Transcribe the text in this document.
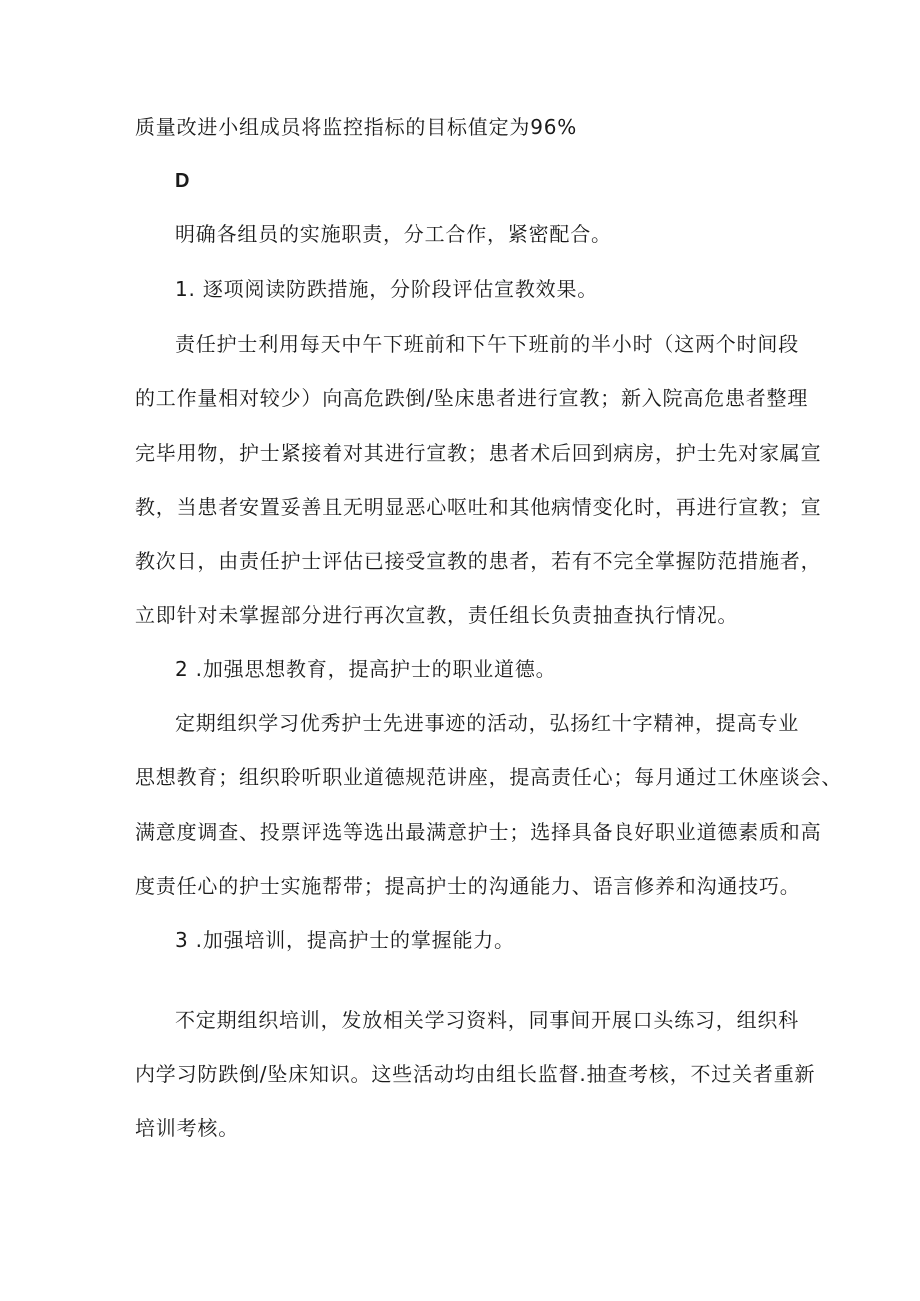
质量改进小组成员将监控指标的目标值定为96%
D
明确各组员的实施职责，分工合作，紧密配合。
1. 逐项阅读防跌措施，分阶段评估宣教效果。
责任护士利用每天中午下班前和下午下班前的半小时（这两个时间段
的工作量相对较少）向高危跌倒/坠床患者进行宣教；新入院高危患者整理
完毕用物，护士紧接着对其进行宣教；患者术后回到病房，护士先对家属宣
教，当患者安置妥善且无明显恶心呕吐和其他病情变化时，再进行宣教；宣
教次日，由责任护士评估已接受宣教的患者，若有不完全掌握防范措施者，
立即针对未掌握部分进行再次宣教，责任组长负责抽查执行情况。
2 .加强思想教育，提高护士的职业道德。
定期组织学习优秀护士先进事迹的活动，弘扬红十字精神，提高专业
思想教育；组织聆听职业道德规范讲座，提高责任心；每月通过工休座谈会、
满意度调查、投票评选等选出最满意护士；选择具备良好职业道德素质和高
度责任心的护士实施帮带；提高护士的沟通能力、语言修养和沟通技巧。
3 .加强培训，提高护士的掌握能力。
不定期组织培训，发放相关学习资料，同事间开展口头练习，组织科
内学习防跌倒/坠床知识。这些活动均由组长监督.抽查考核，不过关者重新
培训考核。
